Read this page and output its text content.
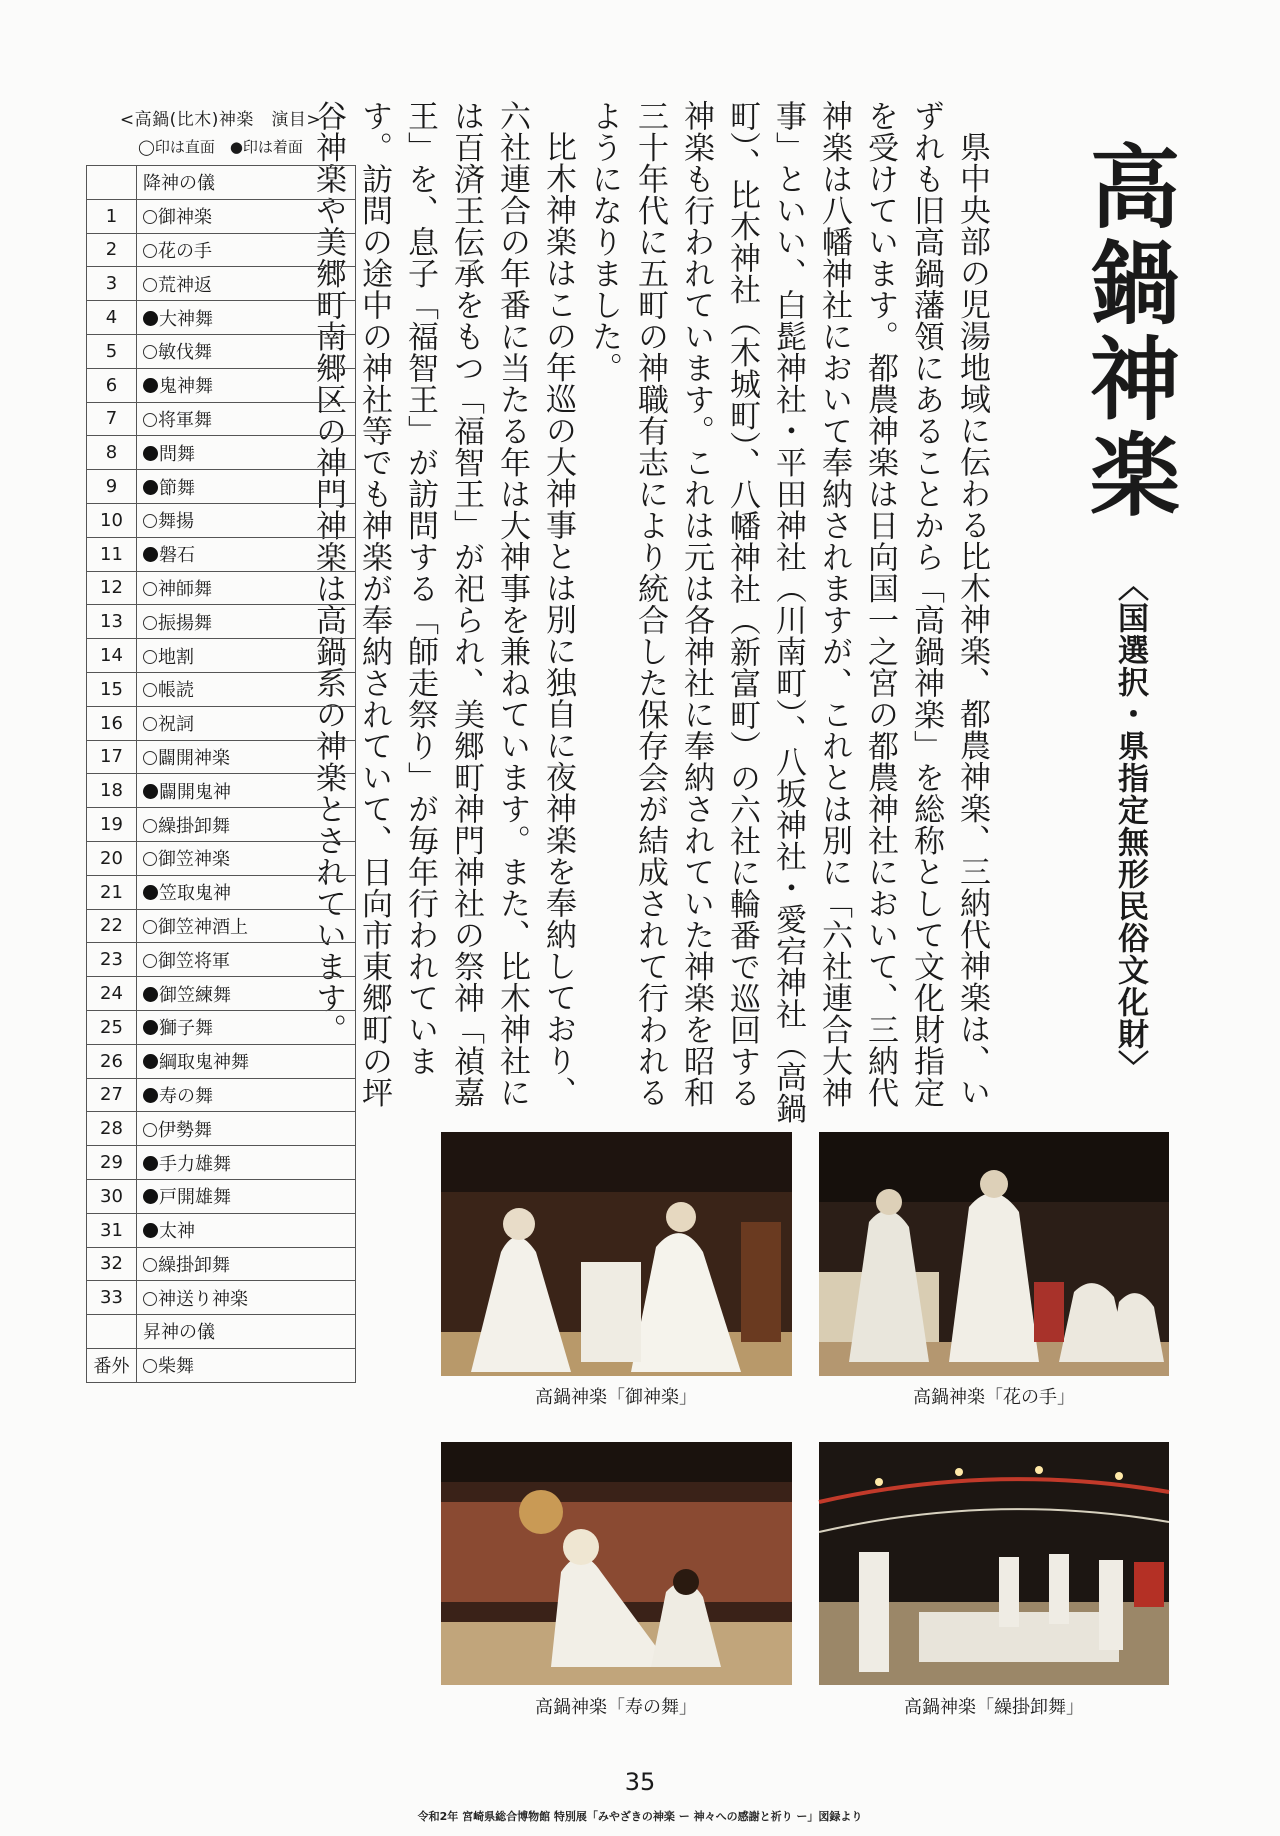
高鍋神楽
〈国選択・県指定無形民俗文化財〉

県中央部の児湯地域に伝わる比木神楽、都農神楽、三納代神楽は、いずれも旧高鍋藩領にあることから「高鍋神楽」を総称として文化財指定を受けています。都農神楽は日向国一之宮の都農神社において、三納代神楽は八幡神社において奉納されますが、これとは別に「六社連合大神事」といい、白髭神社・平田神社（川南町）、八坂神社・愛宕神社（高鍋町）、比木神社（木城町）、八幡神社（新富町）の六社に輪番で巡回する神楽も行われています。これは元は各神社に奉納されていた神楽を昭和三十年代に五町の神職有志により統合した保存会が結成されて行われるようになりました。

比木神楽はこの年巡の大神事とは別に独自に夜神楽を奉納しており、六社連合の年番に当たる年は大神事を兼ねています。また、比木神社には百済王伝承をもつ「福智王」が祀られ、美郷町神門神社の祭神「禎嘉王」を、息子「福智王」が訪問する「師走祭り」が毎年行われています。訪問の途中の神社等でも神楽が奉納されていて、日向市東郷町の坪谷神楽や美郷町南郷区の神門神楽は高鍋系の神楽とされています。

<高鍋(比木)神楽　演目>
◯印は直面　●印は着面
	降神の儀
1	御神楽
2	花の手
3	荒神返
4	大神舞
5	敏伐舞
6	鬼神舞
7	将軍舞
8	問舞
9	節舞
10	舞揚
11	磐石
12	神師舞
13	振揚舞
14	地割
15	帳読
16	祝詞
17	闢開神楽
18	闢開鬼神
19	繰掛卸舞
20	御笠神楽
21	笠取鬼神
22	御笠神酒上
23	御笠将軍
24	御笠練舞
25	獅子舞
26	綱取鬼神舞
27	寿の舞
28	伊勢舞
29	手力雄舞
30	戸開雄舞
31	太神
32	繰掛卸舞
33	神送り神楽
	昇神の儀
番外	柴舞
高鍋神楽「御神楽」	高鍋神楽「花の手」
高鍋神楽「寿の舞」	高鍋神楽「繰掛卸舞」
35
令和2年 宮崎県総合博物館 特別展「みやざきの神楽 ー 神々への感謝と祈り ー」図録より
